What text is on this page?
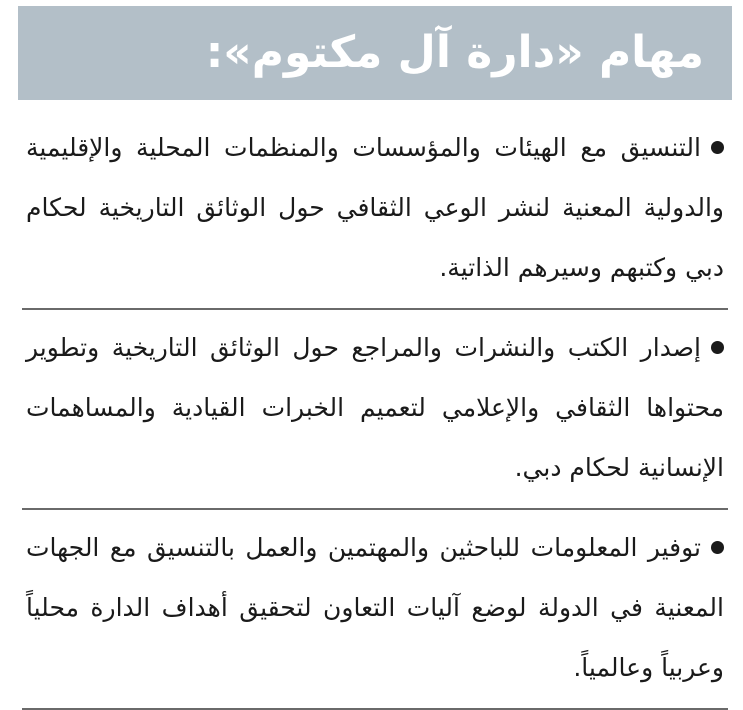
مهام «دارة آل مكتوم»:

التنسيق مع الهيئات والمؤسسات والمنظمات المحلية والإقليمية والدولية المعنية لنشر الوعي الثقافي حول الوثائق التاريخية لحكام دبي وكتبهم وسيرهم الذاتية.

إصدار الكتب والنشرات والمراجع حول الوثائق التاريخية وتطوير محتواها الثقافي والإعلامي لتعميم الخبرات القيادية والمساهمات الإنسانية لحكام دبي.

توفير المعلومات للباحثين والمهتمين والعمل بالتنسيق مع الجهات المعنية في الدولة لوضع آليات التعاون لتحقيق أهداف الدارة محلياً وعربياً وعالمياً.
